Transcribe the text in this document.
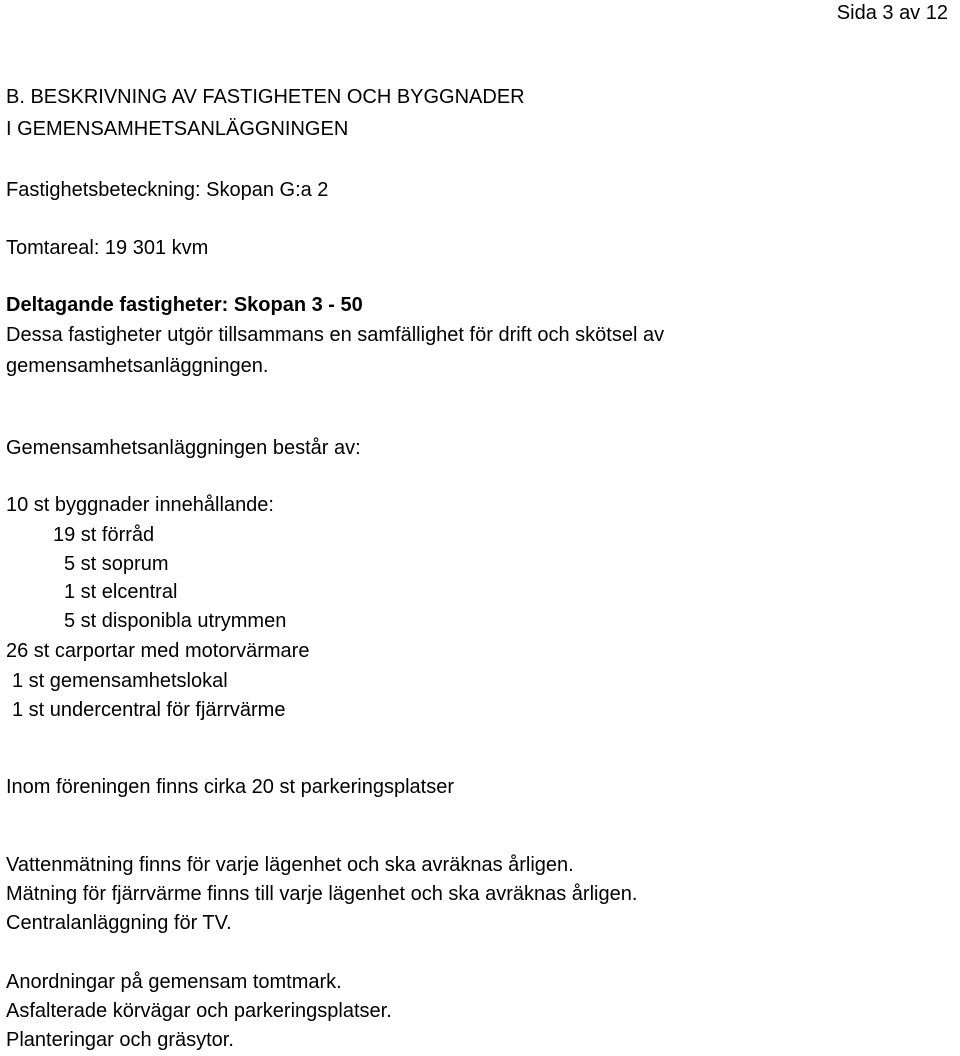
Sida 3 av 12
B. BESKRIVNING AV FASTIGHETEN OCH BYGGNADER
I GEMENSAMHETSANLÄGGNINGEN
Fastighetsbeteckning: Skopan G:a 2
Tomtareal: 19 301 kvm
Deltagande fastigheter: Skopan 3 - 50
Dessa fastigheter utgör tillsammans en samfällighet för drift och skötsel av
gemensamhetsanläggningen.
Gemensamhetsanläggningen består av:
10 st byggnader innehållande:
19 st förråd
5 st soprum
1 st elcentral
5 st disponibla utrymmen
26 st carportar med motorvärmare
1 st gemensamhetslokal
1 st undercentral för fjärrvärme
Inom föreningen finns cirka 20 st parkeringsplatser
Vattenmätning finns för varje lägenhet och ska avräknas årligen.
Mätning för fjärrvärme finns till varje lägenhet och ska avräknas årligen.
Centralanläggning för TV.
Anordningar på gemensam tomtmark.
Asfalterade körvägar och parkeringsplatser.
Planteringar och gräsytor.
